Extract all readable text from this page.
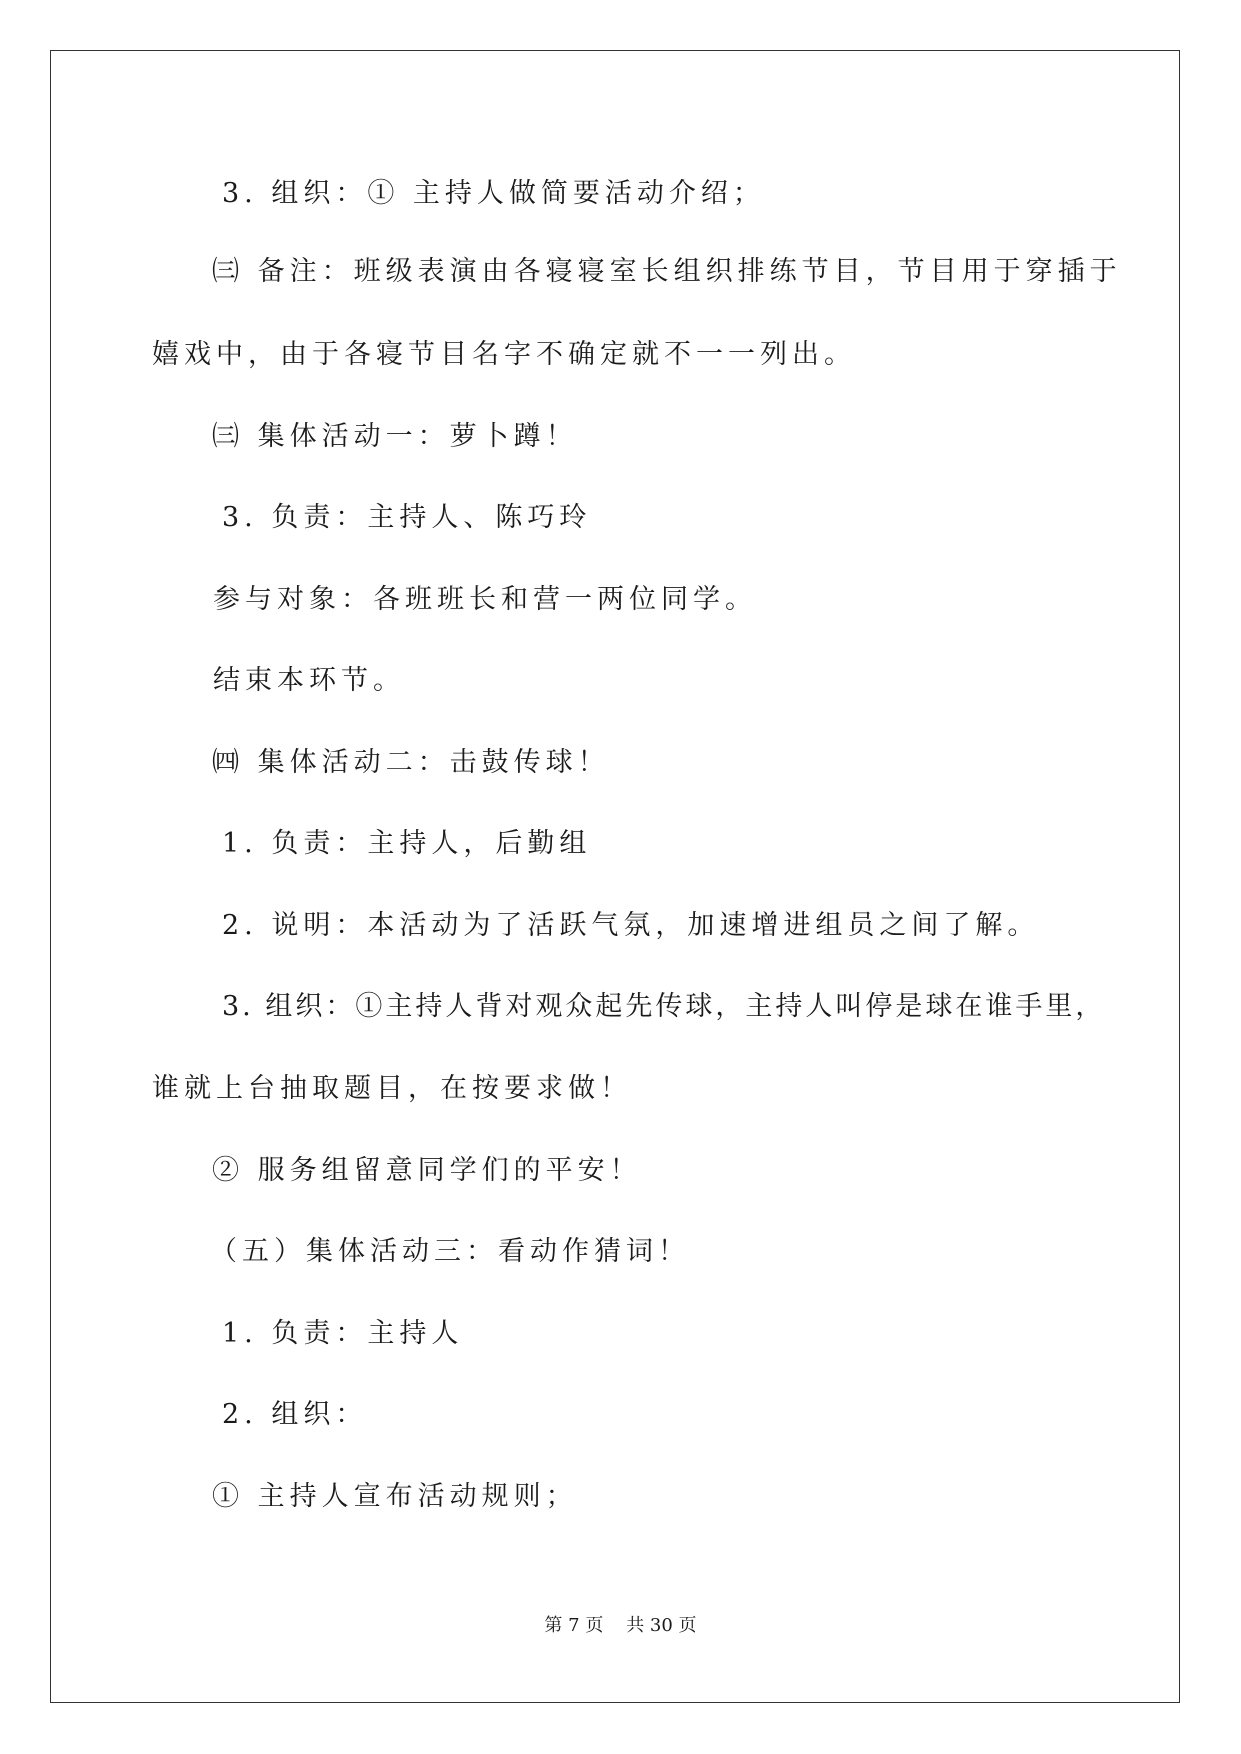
3. 组织：① 主持人做简要活动介绍；
㈢ 备注：班级表演由各寝寝室长组织排练节目，节目用于穿插于
嬉戏中，由于各寝节目名字不确定就不一一列出。
㈢ 集体活动一：萝卜蹲！
3. 负责：主持人、陈巧玲
参与对象：各班班长和营一两位同学。
结束本环节。
㈣ 集体活动二：击鼓传球！
1. 负责：主持人，后勤组
2. 说明：本活动为了活跃气氛，加速增进组员之间了解。
3. 组织：①主持人背对观众起先传球，主持人叫停是球在谁手里，
谁就上台抽取题目，在按要求做！
② 服务组留意同学们的平安！
（五）集体活动三：看动作猜词！
1. 负责：主持人
2. 组织：
① 主持人宣布活动规则；
第 7 页    共 30 页
